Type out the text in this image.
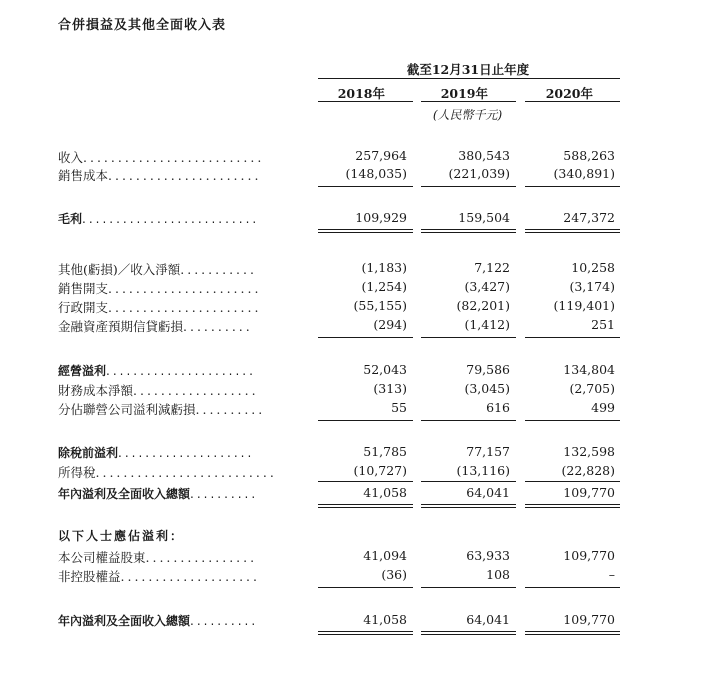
合併損益及其他全面收入表
截至12月31日止年度
2018年	2019年	2020年
(人民幣千元)
收入..........................	257,964	380,543	588,263
銷售成本......................	(148,035)	(221,039)	(340,891)
毛利..........................	109,929	159,504	247,372
其他(虧損)／收入淨額...........	(1,183)	7,122	10,258
銷售開支......................	(1,254)	(3,427)	(3,174)
行政開支......................	(55,155)	(82,201)	(119,401)
金融資產預期信貸虧損..........	(294)	(1,412)	251
經營溢利......................	52,043	79,586	134,804
財務成本淨額..................	(313)	(3,045)	(2,705)
分佔聯營公司溢利減虧損..........	55	616	499
除稅前溢利....................	51,785	77,157	132,598
所得稅..........................	(10,727)	(13,116)	(22,828)
年內溢利及全面收入總額..........	41,058	64,041	109,770
以下人士應佔溢利：
本公司權益股東................	41,094	63,933	109,770
非控股權益....................	(36)	108	–
年內溢利及全面收入總額..........	41,058	64,041	109,770
